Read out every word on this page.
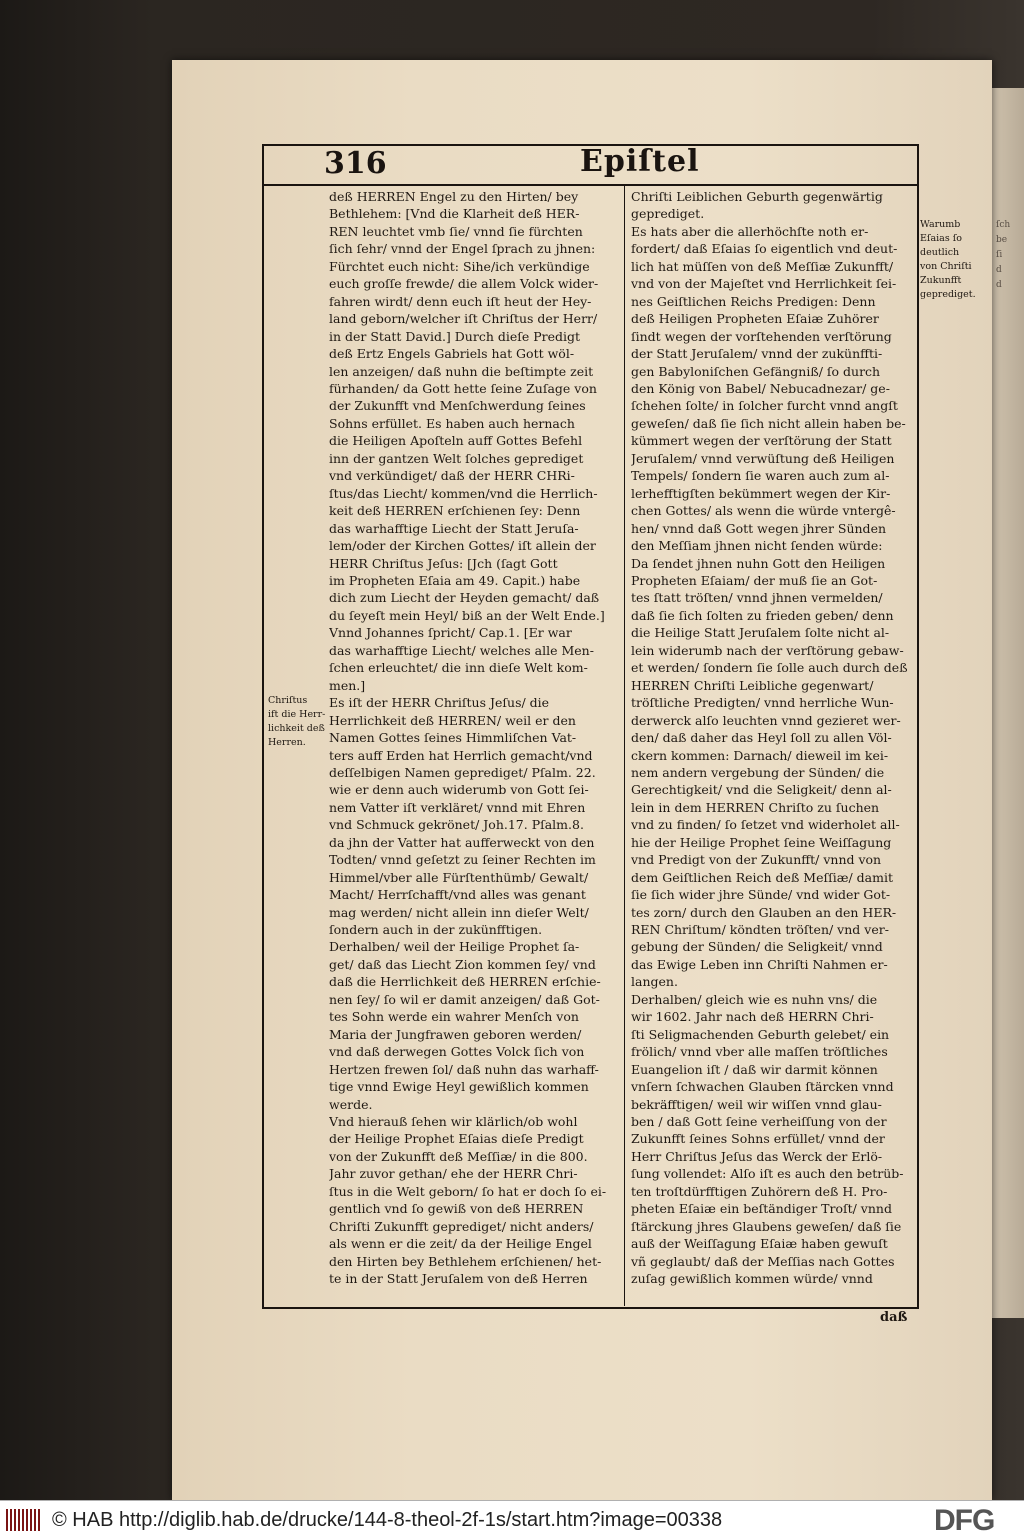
ſch
be
ſi
d
d
316	Epiſtel
deß HERREN Engel zu den Hirten/ bey
Bethlehem: [Vnd die Klarheit deß HER-
REN leuchtet vmb ſie/ vnnd ſie fürchten
ſich ſehr/ vnnd der Engel ſprach zu jhnen:
Fürchtet euch nicht: Sihe/ich verkündige
euch groſſe frewde/ die allem Volck wider-
fahren wirdt/ denn euch iſt heut der Hey-
land geborn/welcher iſt Chriſtus der Herr/
in der Statt David.] Durch dieſe Predigt
deß Ertz Engels Gabriels hat Gott wöl-
len anzeigen/ daß nuhn die beſtimpte zeit
fürhanden/ da Gott hette ſeine Zuſage von
der Zukunfft vnd Menſchwerdung ſeines
Sohns erfüllet. Es haben auch hernach
die Heiligen Apoſteln auff Gottes Befehl
inn der gantzen Welt ſolches geprediget
vnd verkündiget/ daß der HERR CHRi-
ſtus/das Liecht/ kommen/vnd die Herrlich-
keit deß HERREN erſchienen ſey: Denn
das warhafftige Liecht der Statt Jeruſa-
lem/oder der Kirchen Gottes/ iſt allein der
HERR Chriſtus Jeſus: [Jch (ſagt Gott
im Propheten Eſaia am 49. Capit.) habe
dich zum Liecht der Heyden gemacht/ daß
du ſeyeſt mein Heyl/ biß an der Welt Ende.]
Vnnd Johannes ſpricht/ Cap.1. [Er war
das warhafftige Liecht/ welches alle Men-
ſchen erleuchtet/ die inn dieſe Welt kom-
men.]
Es iſt der HERR Chriſtus Jeſus/ die
Herrlichkeit deß HERREN/ weil er den
Namen Gottes ſeines Himmliſchen Vat-
ters auff Erden hat Herrlich gemacht/vnd
deſſelbigen Namen geprediget/ Pſalm. 22.
wie er denn auch widerumb von Gott ſei-
nem Vatter iſt verkläret/ vnnd mit Ehren
vnd Schmuck gekrönet/ Joh.17. Pſalm.8.
da jhn der Vatter hat aufferweckt von den
Todten/ vnnd geſetzt zu ſeiner Rechten im
Himmel/vber alle Fürſtenthümb/ Gewalt/
Macht/ Herrſchafft/vnd alles was genant
mag werden/ nicht allein inn dieſer Welt/
ſondern auch in der zukünfftigen.
Derhalben/ weil der Heilige Prophet ſa-
get/ daß das Liecht Zion kommen ſey/ vnd
daß die Herrlichkeit deß HERREN erſchie-
nen ſey/ ſo wil er damit anzeigen/ daß Got-
tes Sohn werde ein wahrer Menſch von
Maria der Jungfrawen geboren werden/
vnd daß derwegen Gottes Volck ſich von
Hertzen frewen ſol/ daß nuhn das warhaff-
tige vnnd Ewige Heyl gewißlich kommen
werde.
Vnd hierauß ſehen wir klärlich/ob wohl
der Heilige Prophet Eſaias dieſe Predigt
von der Zukunfft deß Meſſiæ/ in die 800.
Jahr zuvor gethan/ ehe der HERR Chri-
ſtus in die Welt geborn/ ſo hat er doch ſo ei-
gentlich vnd ſo gewiß von deß HERREN
Chriſti Zukunfft geprediget/ nicht anders/
als wenn er die zeit/ da der Heilige Engel
den Hirten bey Bethlehem erſchienen/ het-
te in der Statt Jeruſalem von deß Herren
Chriſti Leiblichen Geburth gegenwärtig
geprediget.
Es hats aber die allerhöchſte noth er-
fordert/ daß Eſaias ſo eigentlich vnd deut-
lich hat müſſen von deß Meſſiæ Zukunfft/
vnd von der Majeſtet vnd Herrlichkeit ſei-
nes Geiſtlichen Reichs Predigen: Denn
deß Heiligen Propheten Eſaiæ Zuhörer
ſindt wegen der vorſtehenden verſtörung
der Statt Jeruſalem/ vnnd der zukünffti-
gen Babyloniſchen Gefängniß/ ſo durch
den König von Babel/ Nebucadnezar/ ge-
ſchehen ſolte/ in ſolcher furcht vnnd angſt
geweſen/ daß ſie ſich nicht allein haben be-
kümmert wegen der verſtörung der Statt
Jeruſalem/ vnnd verwüſtung deß Heiligen
Tempels/ ſondern ſie waren auch zum al-
lerhefftigſten bekümmert wegen der Kir-
chen Gottes/ als wenn die würde vntergê-
hen/ vnnd daß Gott wegen jhrer Sünden
den Meſſiam jhnen nicht ſenden würde:
Da ſendet jhnen nuhn Gott den Heiligen
Propheten Eſaiam/ der muß ſie an Got-
tes ſtatt tröſten/ vnnd jhnen vermelden/
daß ſie ſich ſolten zu frieden geben/ denn
die Heilige Statt Jeruſalem ſolte nicht al-
lein widerumb nach der verſtörung gebaw-
et werden/ ſondern ſie ſolle auch durch deß
HERREN Chriſti Leibliche gegenwart/
tröſtliche Predigten/ vnnd herrliche Wun-
derwerck alſo leuchten vnnd gezieret wer-
den/ daß daher das Heyl ſoll zu allen Völ-
ckern kommen: Darnach/ dieweil im kei-
nem andern vergebung der Sünden/ die
Gerechtigkeit/ vnd die Seligkeit/ denn al-
lein in dem HERREN Chriſto zu ſuchen
vnd zu finden/ ſo ſetzet vnd widerholet all-
hie der Heilige Prophet ſeine Weiſſagung
vnd Predigt von der Zukunfft/ vnnd von
dem Geiſtlichen Reich deß Meſſiæ/ damit
ſie ſich wider jhre Sünde/ vnd wider Got-
tes zorn/ durch den Glauben an den HER-
REN Chriſtum/ köndten tröſten/ vnd ver-
gebung der Sünden/ die Seligkeit/ vnnd
das Ewige Leben inn Chriſti Nahmen er-
langen.
Derhalben/ gleich wie es nuhn vns/ die
wir 1602. Jahr nach deß HERRN Chri-
ſti Seligmachenden Geburth gelebet/ ein
frölich/ vnnd vber alle maſſen tröſtliches
Euangelion iſt / daß wir darmit können
vnſern ſchwachen Glauben ſtärcken vnnd
bekräfftigen/ weil wir wiſſen vnnd glau-
ben / daß Gott ſeine verheiſſung von der
Zukunfft ſeines Sohns erfüllet/ vnnd der
Herr Chriſtus Jeſus das Werck der Erlö-
ſung vollendet: Alſo iſt es auch den betrüb-
ten troſtdürfftigen Zuhörern deß H. Pro-
pheten Eſaiæ ein beſtändiger Troſt/ vnnd
ſtärckung jhres Glaubens geweſen/ daß ſie
auß der Weiſſagung Eſaiæ haben gewuſt
vñ geglaubt/ daß der Meſſias nach Gottes
zuſag gewißlich kommen würde/ vnnd
Chriſtus
ift die Herr-
lichkeit deß
Herren.
Warumb
Eſaias ſo
deutlich
von Chriſti
Zukunfft
geprediget.
daß
© HAB http://diglib.hab.de/drucke/144-8-theol-2f-1s/start.htm?image=00338	DFG
